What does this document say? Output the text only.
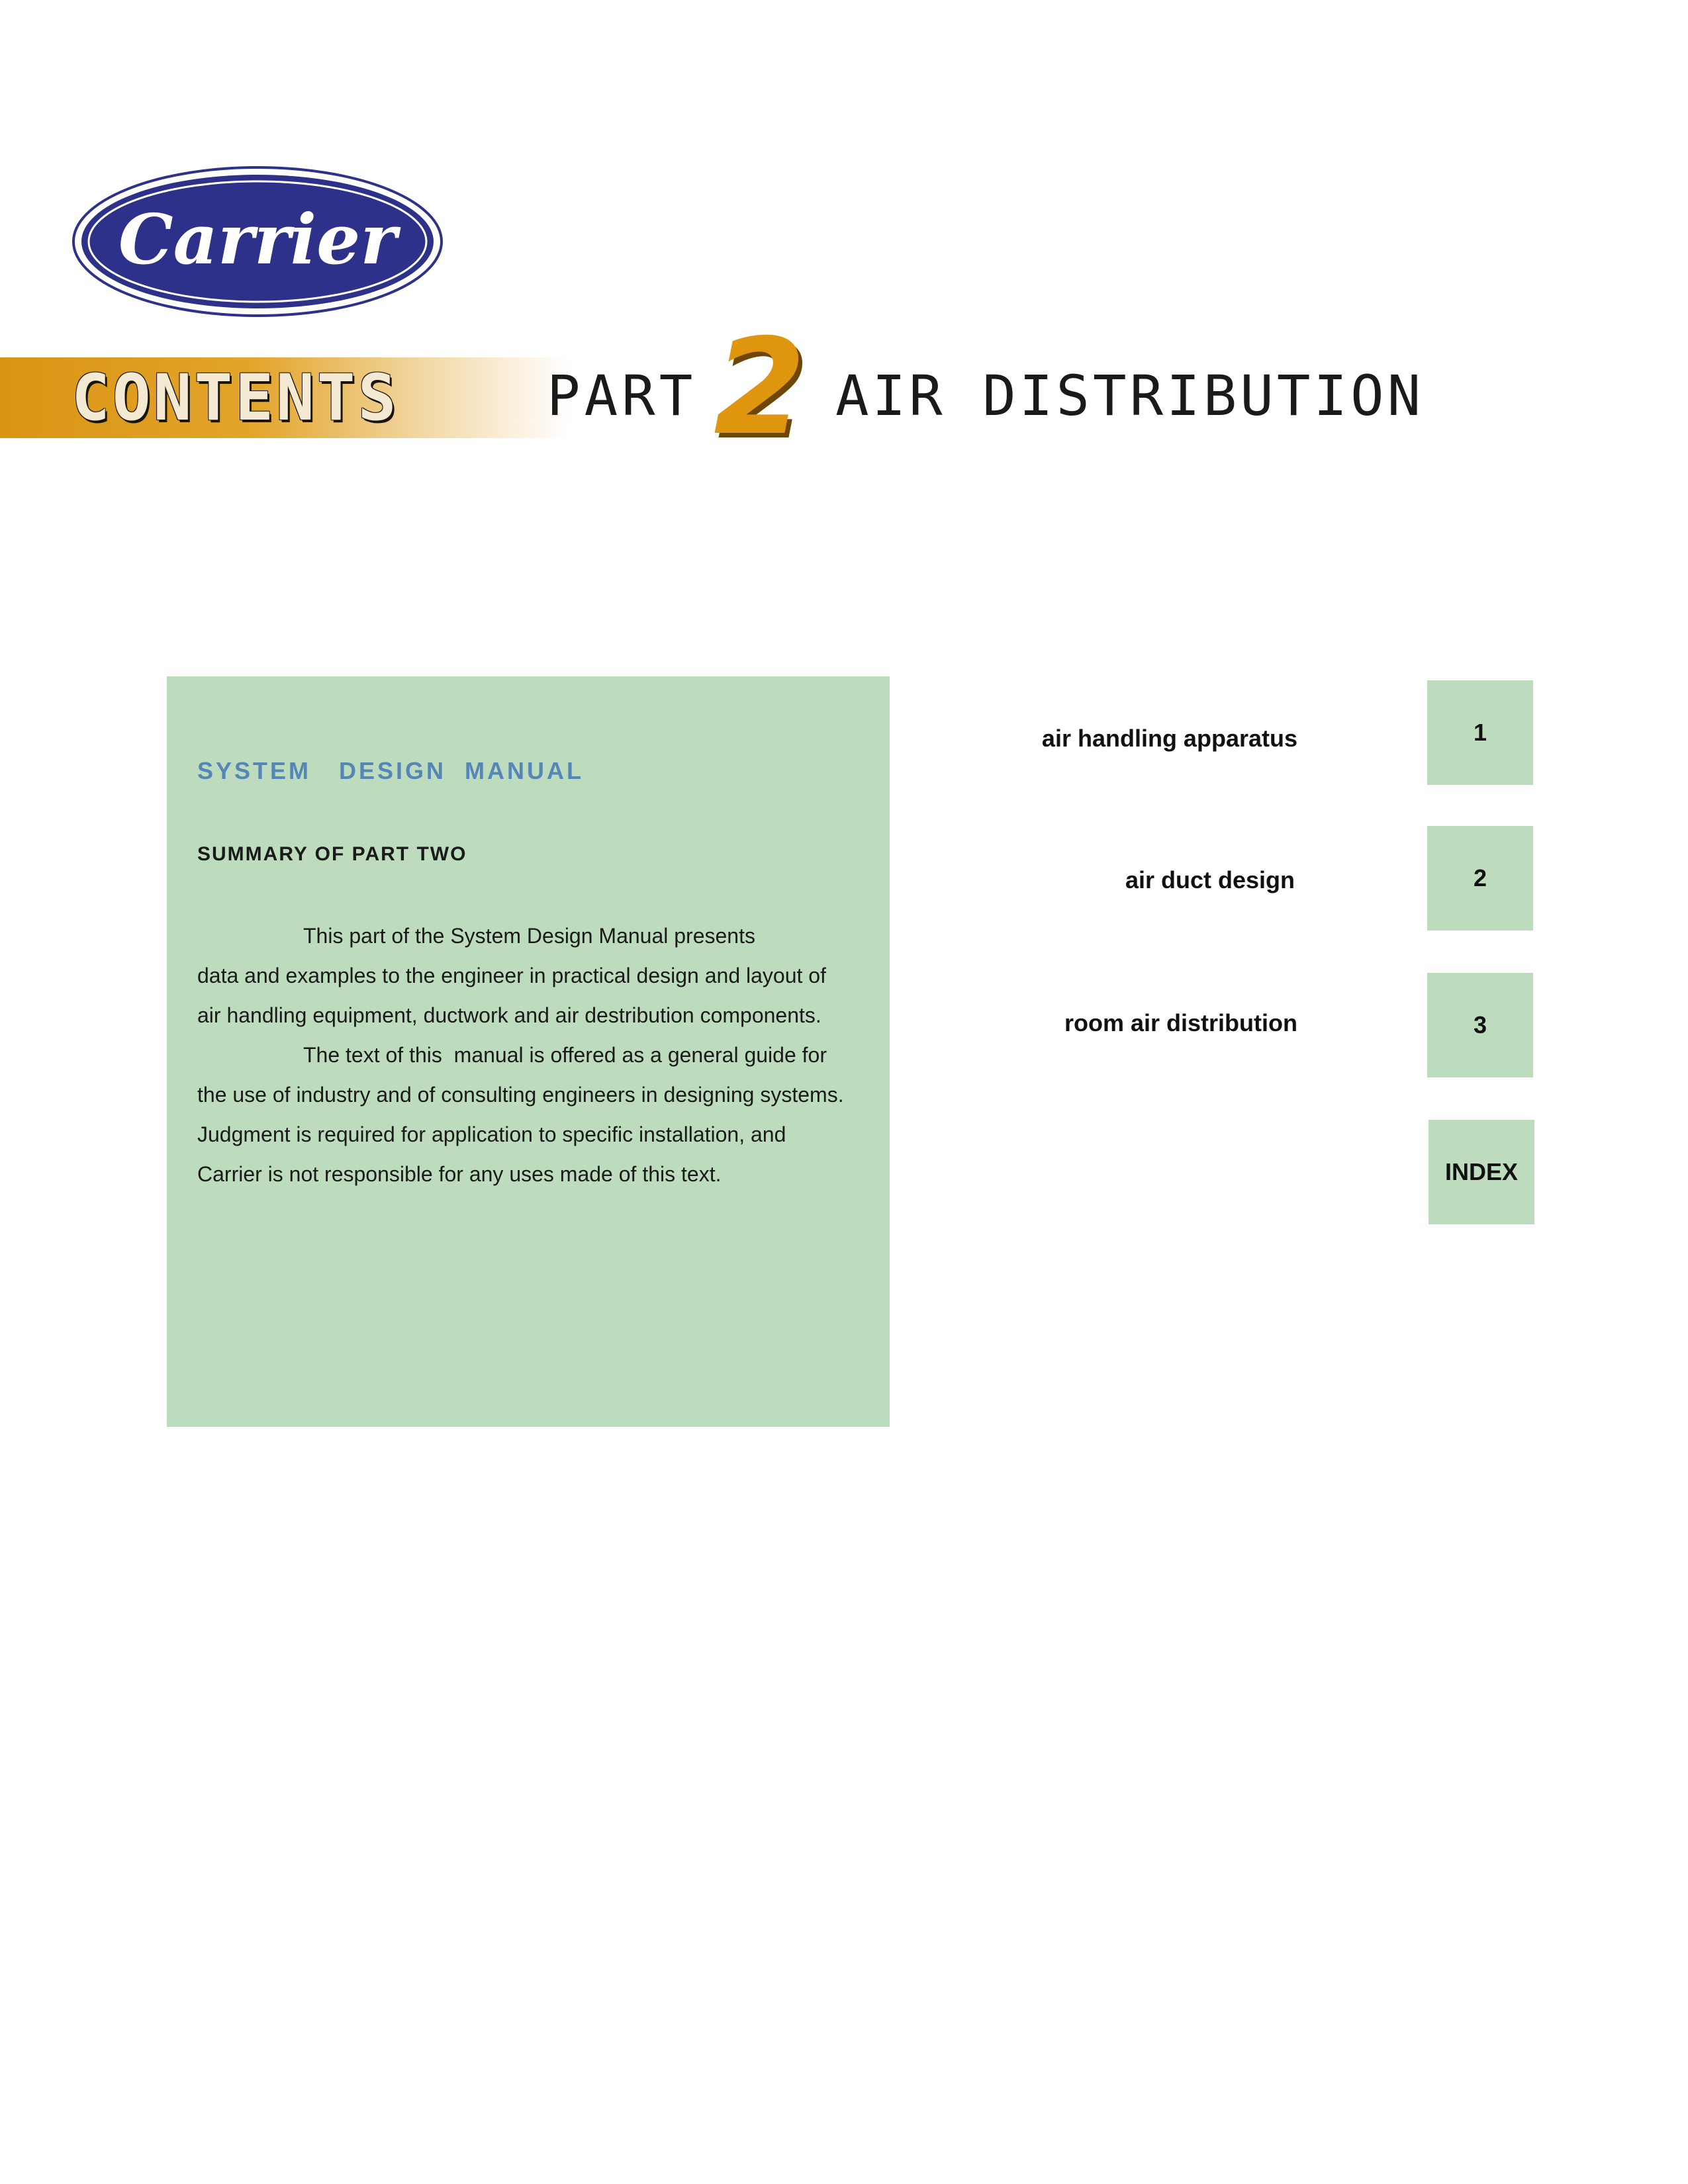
Carrier
CONTENTS	PART 2 AIR DISTRIBUTION
SYSTEM   DESIGN  MANUAL
SUMMARY OF PART TWO

This part of the System Design Manual presents

data and examples to the engineer in practical design and layout of

air handling equipment, ductwork and air destribution components.

The text of this  manual is offered as a general guide for

the use of industry and of consulting engineers in designing systems.

Judgment is required for application to specific installation, and

Carrier is not responsible for any uses made of this text.

air handling apparatus	1
air duct design	2
room air distribution	3
INDEX
